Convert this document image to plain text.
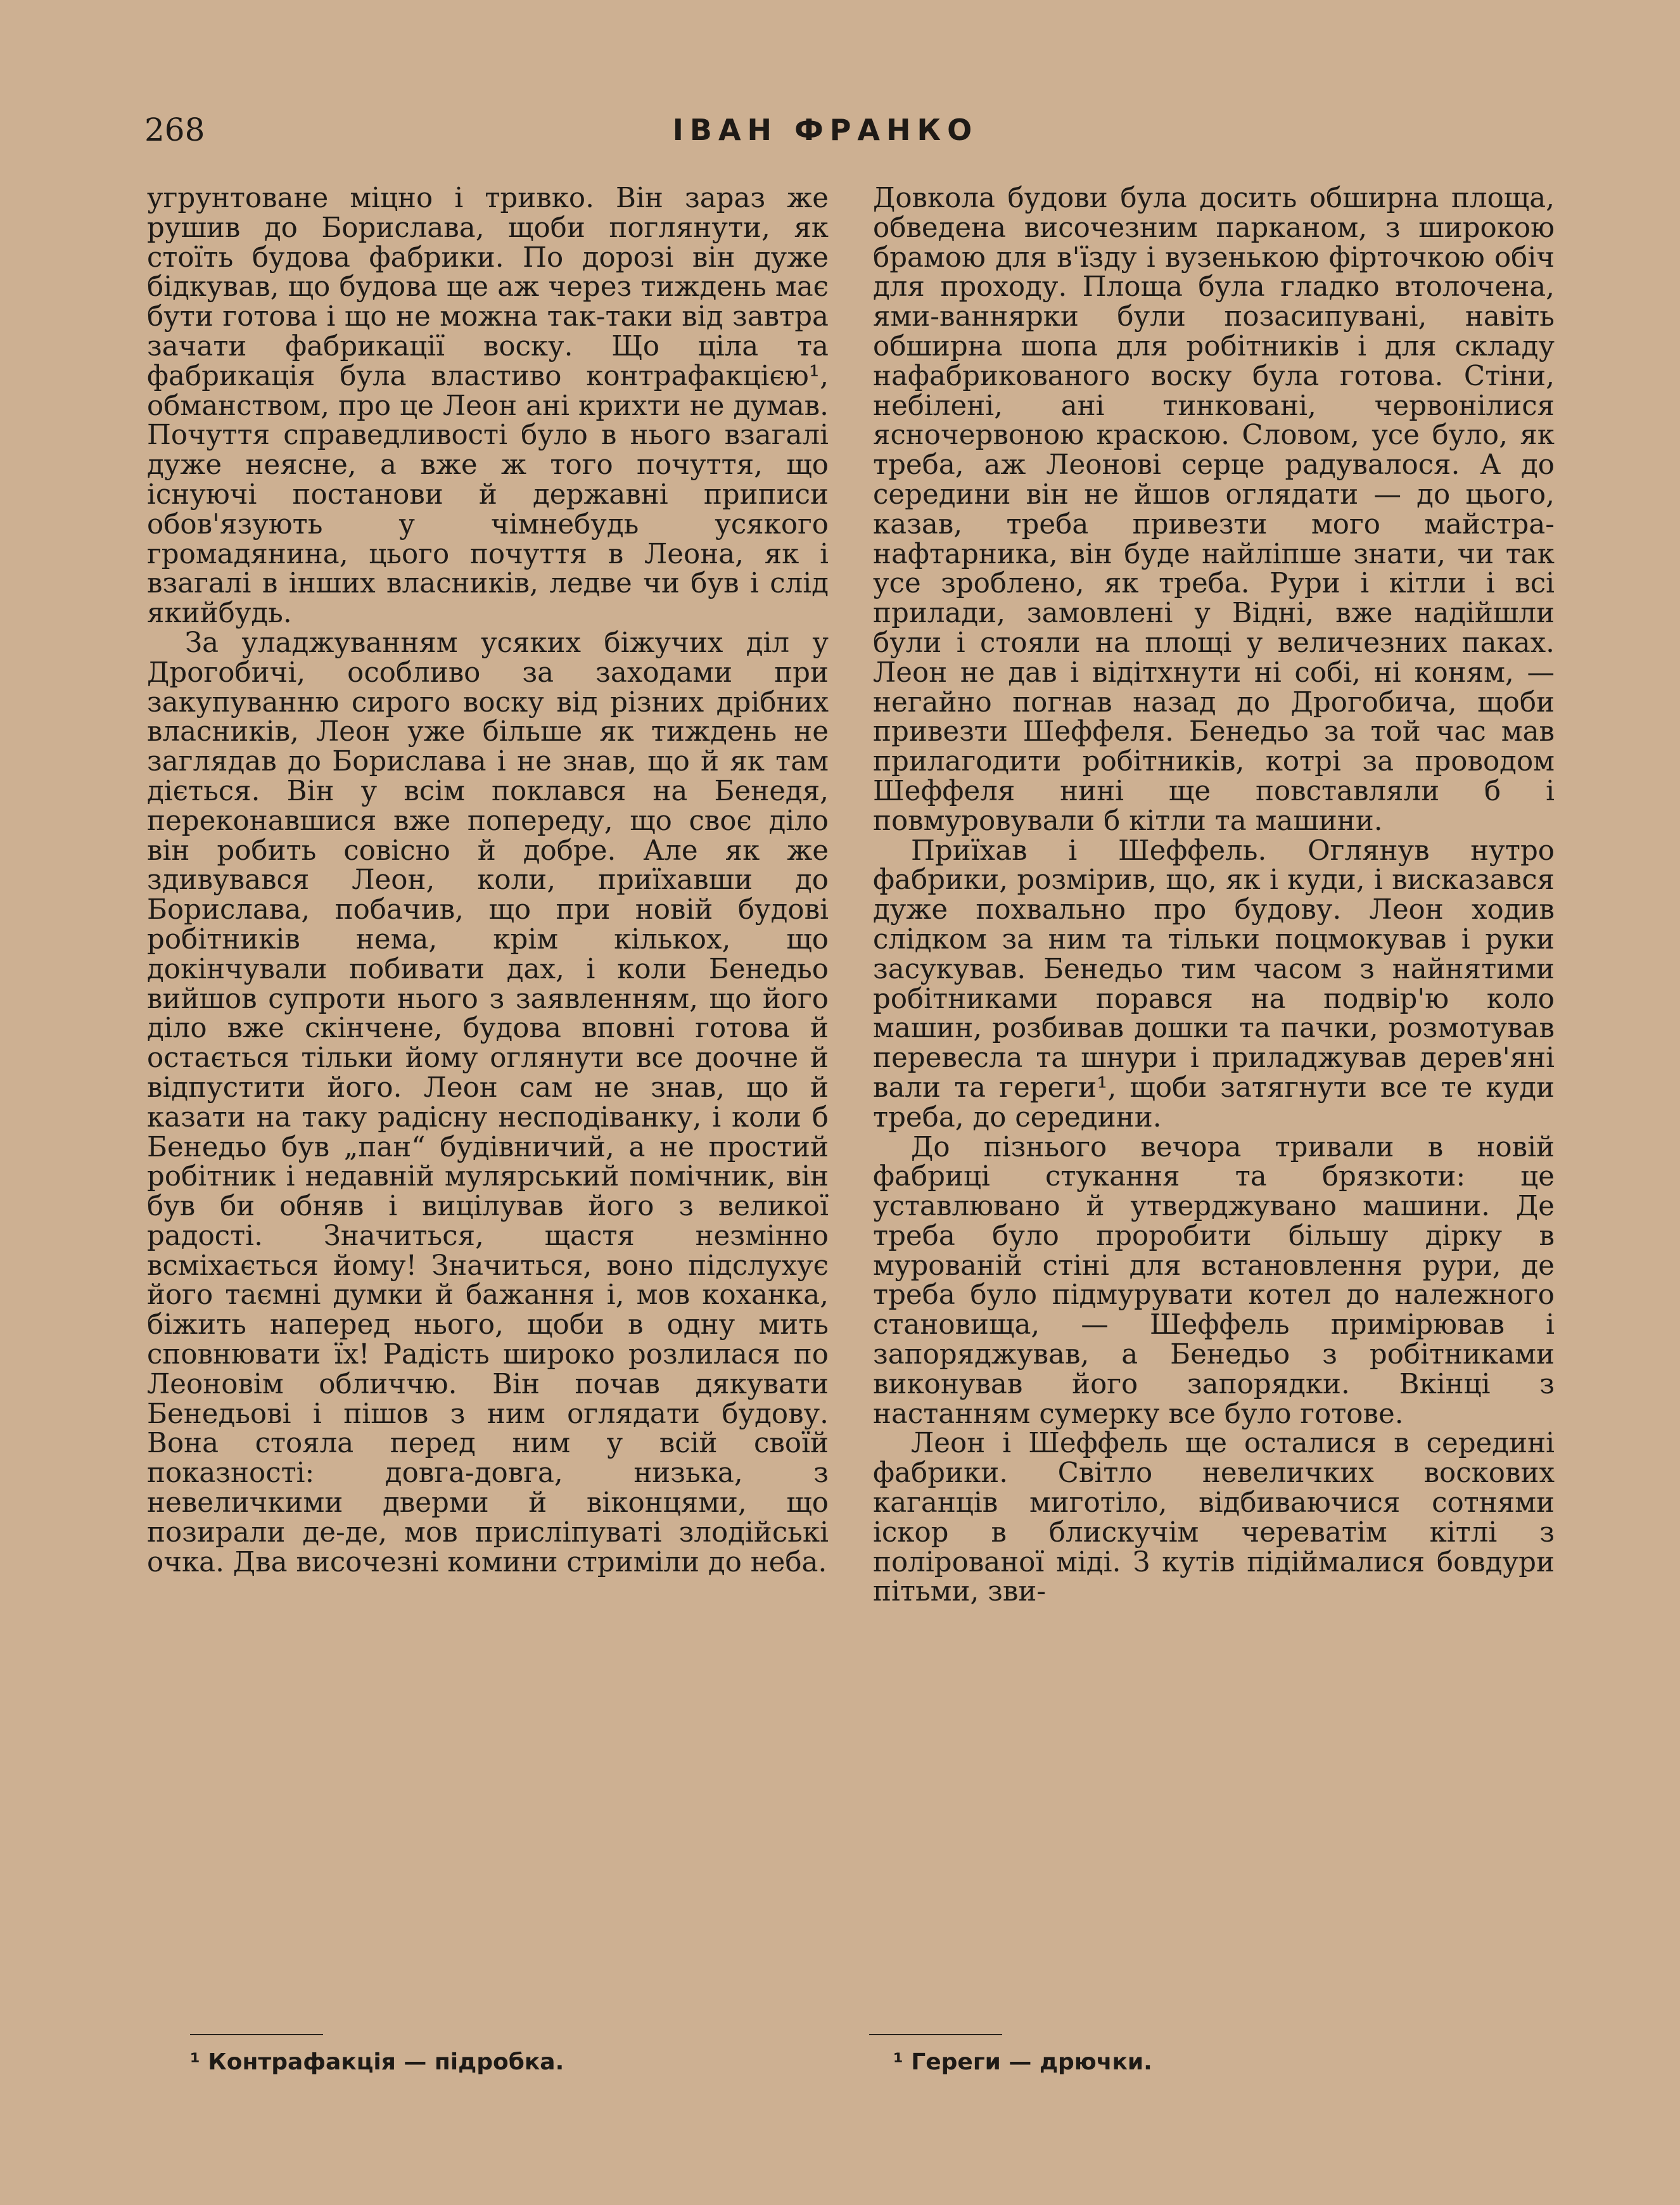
268	ІВАН ФРАНКО

угрунтоване міцно і тривко. Він зараз же рушив до Борислава, щоби поглянути, як стоїть будова фабрики. По дорозі він дуже бідкував, що будова ще аж через тиждень має бути готова і що не можна так-таки від завтра зачати фабрикації воску. Що ціла та фабрикація була властиво контрафакцією¹, обманством, про це Леон ані крихти не думав. Почуття справедливості було в нього взагалі дуже неясне, а вже ж того почуття, що існуючі постанови й державні приписи обов'язують у чімнебудь усякого громадянина, цього почуття в Леона, як і взагалі в інших власників, ледве чи був і слід якийбудь.

За уладжуванням усяких біжучих діл у Дрогобичі, особливо за заходами при закупуванню сирого воску від різних дрібних власників, Леон уже більше як тиждень не заглядав до Борислава і не знав, що й як там діється. Він у всім поклався на Бенедя, переконавшися вже попереду, що своє діло він робить совісно й добре. Але як же здивувався Леон, коли, приїхавши до Борислава, побачив, що при новій будові робітників нема, крім кількох, що докінчували побивати дах, і коли Бенедьо вийшов супроти нього з заявленням, що його діло вже скінчене, будова вповні готова й остається тільки йому оглянути все доочне й відпустити його. Леон сам не знав, що й казати на таку радісну несподіванку, і коли б Бенедьо був „пан“ будівничий, а не простий робітник і недавній мулярський помічник, він був би обняв і вицілував його з великої радості. Значиться, щастя незмінно всміхається йому! Значиться, воно підслухує його таємні думки й бажання і, мов коханка, біжить наперед нього, щоби в одну мить сповнювати їх! Радість широко розлилася по Леоновім обличчю. Він почав дякувати Бенедьові і пішов з ним оглядати будову. Вона стояла перед ним у всій своїй показності: довга-довга, низька, з невеличкими дверми й віконцями, що позирали де-де, мов прислiпуваті злодійські очка. Два височезні комини стриміли до неба.

Довкола будови була досить обширна площа, обведена височезним парканом, з широкою брамою для в'їзду і вузенькою фірточкою обіч для проходу. Площа була гладко втолочена, ями-ваннярки були позасипувані, навіть обширна шопа для робітників і для складу нафабрикованого воску була готова. Стіни, небілені, ані тинковані, червонілися ясночервоною краскою. Словом, усе було, як треба, аж Леонові серце радувалося. А до середини він не йшов оглядати — до цього, казав, треба привезти мого майстра-нафтарника, він буде найліпше знати, чи так усе зроблено, як треба. Рури і кітли і всі прилади, замовлені у Відні, вже надійшли були і стояли на площі у величезних паках. Леон не дав і відітхнути ні собі, ні коням, — негайно погнав назад до Дрогобича, щоби привезти Шеффеля. Бенедьо за той час мав прилагодити робітників, котрі за проводом Шеффеля нині ще повставляли б і повмуровували б кітли та машини.

Приїхав і Шеффель. Оглянув нутро фабрики, розмірив, що, як і куди, і висказався дуже похвально про будову. Леон ходив слідком за ним та тільки поцмокував і руки засукував. Бенедьо тим часом з найнятими робітниками порався на подвір'ю коло машин, розбивав дошки та пачки, розмотував перевесла та шнури і приладжував дерев'яні вали та гереги¹, щоби затягнути все те куди треба, до середини.

До пізнього вечора тривали в новій фабриці стукання та брязкоти: це уставлювано й утверджувано машини. Де треба було проробити більшу дірку в мурованій стіні для встановлення рури, де треба було підмурувати котел до належного становища, — Шеффель примірював і запоряджував, а Бенедьо з робітниками виконував його запорядки. Вкінці з настанням сумерку все було готове.

Леон і Шеффель ще осталися в середині фабрики. Світло невеличких воскових каганців миготіло, відбиваючися сотнями іскор в блискучім череватім кітлі з полірованої міді. З кутів підіймалися бовдури пітьми, зви-

¹ Контрафакція — підробка.	¹ Гереги — дрючки.
